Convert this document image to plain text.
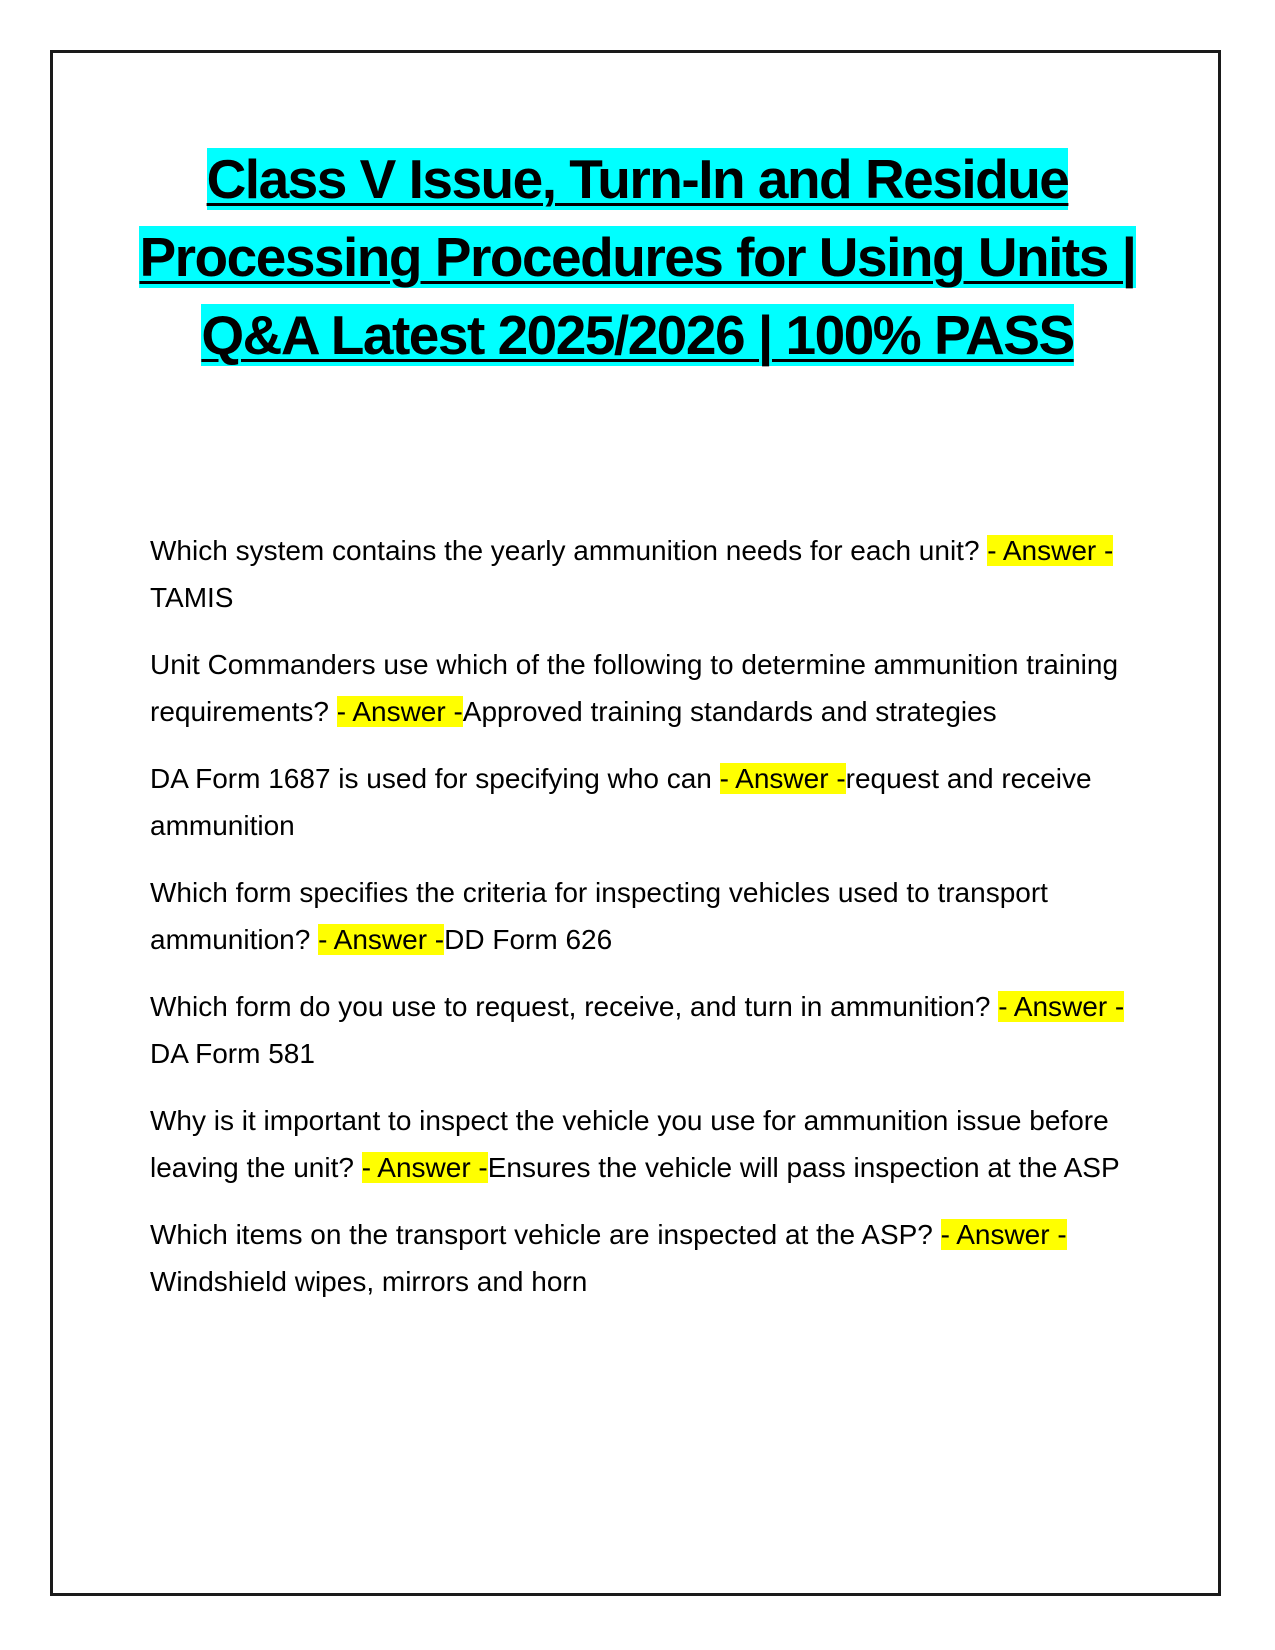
Class V Issue, Turn-In and Residue Processing Procedures for Using Units | Q&A Latest 2025/2026 | 100% PASS
Which system contains the yearly ammunition needs for each unit? - Answer -TAMIS
Unit Commanders use which of the following to determine ammunition training requirements? - Answer -Approved training standards and strategies
DA Form 1687 is used for specifying who can - Answer -request and receive ammunition
Which form specifies the criteria for inspecting vehicles used to transport ammunition? - Answer -DD Form 626
Which form do you use to request, receive, and turn in ammunition? - Answer -DA Form 581
Why is it important to inspect the vehicle you use for ammunition issue before leaving the unit? - Answer -Ensures the vehicle will pass inspection at the ASP
Which items on the transport vehicle are inspected at the ASP? - Answer -Windshield wipes, mirrors and horn
